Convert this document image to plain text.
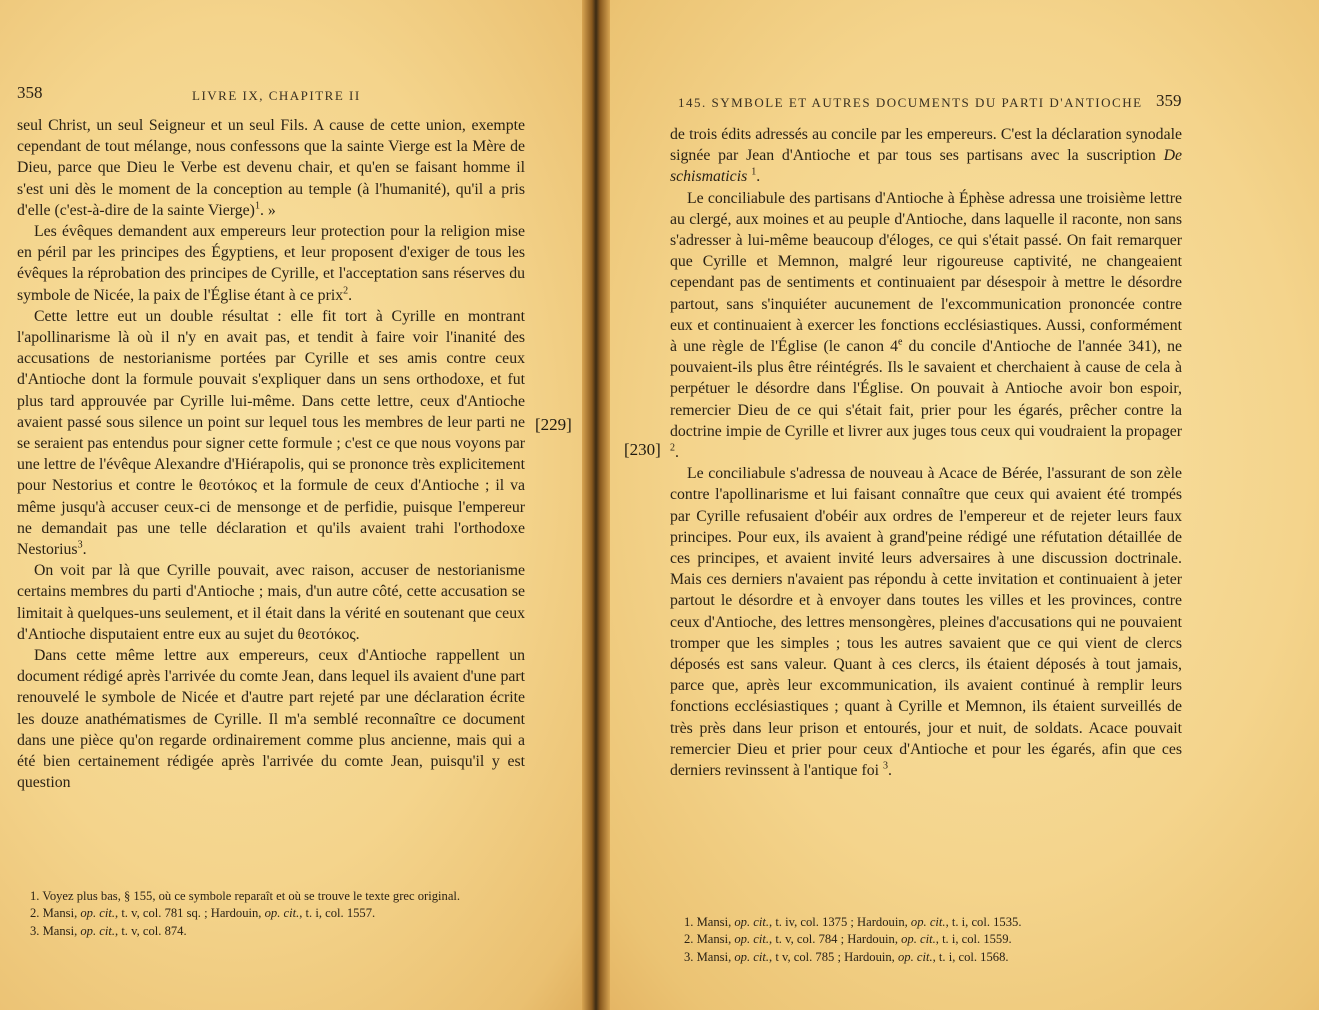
358	LIVRE IX, CHAPITRE II

seul Christ, un seul Seigneur et un seul Fils. A cause de cette union, exempte cependant de tout mélange, nous confessons que la sainte Vierge est la Mère de Dieu, parce que Dieu le Verbe est devenu chair, et qu'en se faisant homme il s'est uni dès le moment de la conception au temple (à l'humanité), qu'il a pris d'elle (c'est-à-dire de la sainte Vierge)$^1$. »

Les évêques demandent aux empereurs leur protection pour la religion mise en péril par les principes des Égyptiens, et leur proposent d'exiger de tous les évêques la réprobation des principes de Cyrille, et l'acceptation sans réserves du symbole de Nicée, la paix de l'Église étant à ce prix$^2$.

Cette lettre eut un double résultat : elle fit tort à Cyrille en montrant l'apollinarisme là où il n'y en avait pas, et tendit à faire voir l'inanité des accusations de nestorianisme portées par Cyrille et ses amis contre ceux d'Antioche dont la formule pouvait s'expliquer dans un sens orthodoxe, et fut plus tard approuvée par Cyrille lui-même. Dans cette lettre, ceux d'Antioche avaient passé sous silence un point sur lequel tous les membres de leur parti ne se seraient pas entendus pour signer cette formule ; c'est ce que nous voyons par une lettre de l'évêque Alexandre d'Hiérapolis, qui se prononce très explicitement pour Nestorius et contre le θεοτόκος et la formule de ceux d'Antioche ; il va même jusqu'à accuser ceux-ci de mensonge et de perfidie, puisque l'empereur ne demandait pas une telle déclaration et qu'ils avaient trahi l'orthodoxe Nestorius$^3$.

On voit par là que Cyrille pouvait, avec raison, accuser de nestorianisme certains membres du parti d'Antioche ; mais, d'un autre côté, cette accusation se limitait à quelques-uns seulement, et il était dans la vérité en soutenant que ceux d'Antioche disputaient entre eux au sujet du θεοτόκος.

Dans cette même lettre aux empereurs, ceux d'Antioche rappellent un document rédigé après l'arrivée du comte Jean, dans lequel ils avaient d'une part renouvelé le symbole de Nicée et d'autre part rejeté par une déclaration écrite les douze anathématismes de Cyrille. Il m'a semblé reconnaître ce document dans une pièce qu'on regarde ordinairement comme plus ancienne, mais qui a été bien certainement rédigée après l'arrivée du comte Jean, puisqu'il y est question

1. Voyez plus bas, § 155, où ce symbole reparaît et où se trouve le texte grec original.

2. Mansi, op. cit., t. v, col. 781 sq. ; Hardouin, op. cit., t. i, col. 1557.

3. Mansi, op. cit., t. v, col. 874.

145. SYMBOLE ET AUTRES DOCUMENTS DU PARTI D'ANTIOCHE 359

de trois édits adressés au concile par les empereurs. C'est la déclaration synodale signée par Jean d'Antioche et par tous ses partisans avec la suscription De schismaticis $^1$.

Le conciliabule des partisans d'Antioche à Éphèse adressa une troisième lettre au clergé, aux moines et au peuple d'Antioche, dans laquelle il raconte, non sans s'adresser à lui-même beaucoup d'éloges, ce qui s'était passé. On fait remarquer que Cyrille et Memnon, malgré leur rigoureuse captivité, ne changeaient cependant pas de sentiments et continuaient par désespoir à mettre le désordre partout, sans s'inquiéter aucunement de l'excommunication prononcée contre eux et continuaient à exercer les fonctions ecclésiastiques. Aussi, conformément à une règle de l'Église (le canon 4e du concile d'Antioche de l'année 341), ne pouvaient-ils plus être réintégrés. Ils le savaient et cherchaient à cause de cela à perpétuer le désordre dans l'Église. On pouvait à Antioche avoir bon espoir, remercier Dieu de ce qui s'était fait, prier pour les égarés, prêcher contre la doctrine impie de Cyrille et livrer aux juges tous ceux qui voudraient la propager $^2$.

Le conciliabule s'adressa de nouveau à Acace de Bérée, l'assurant de son zèle contre l'apollinarisme et lui faisant connaître que ceux qui avaient été trompés par Cyrille refusaient d'obéir aux ordres de l'empereur et de rejeter leurs faux principes. Pour eux, ils avaient à grand'peine rédigé une réfutation détaillée de ces principes, et avaient invité leurs adversaires à une discussion doctrinale. Mais ces derniers n'avaient pas répondu à cette invitation et continuaient à jeter partout le désordre et à envoyer dans toutes les villes et les provinces, contre ceux d'Antioche, des lettres mensongères, pleines d'accusations qui ne pouvaient tromper que les simples ; tous les autres savaient que ce qui vient de clercs déposés est sans valeur. Quant à ces clercs, ils étaient déposés à tout jamais, parce que, après leur excommunication, ils avaient continué à remplir leurs fonctions ecclésiastiques ; quant à Cyrille et Memnon, ils étaient surveillés de très près dans leur prison et entourés, jour et nuit, de soldats. Acace pouvait remercier Dieu et prier pour ceux d'Antioche et pour les égarés, afin que ces derniers revinssent à l'antique foi $^3$.

1. Mansi, op. cit., t. iv, col. 1375 ; Hardouin, op. cit., t. i, col. 1535.

2. Mansi, op. cit., t. v, col. 784 ; Hardouin, op. cit., t. i, col. 1559.

3. Mansi, op. cit., t v, col. 785 ; Hardouin, op. cit., t. i, col. 1568.

[229]
[230]
